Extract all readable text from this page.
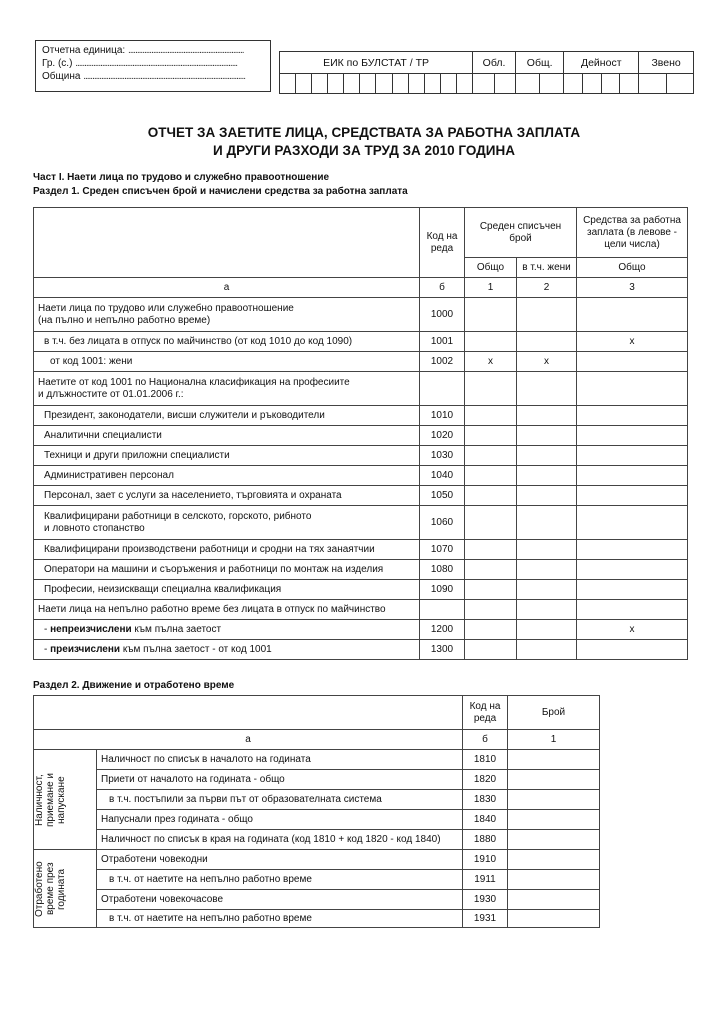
Отчетна единица: .................................................................
Гр. (с.) ...........................................................................................
Община ...........................................................................................
ЕИК по БУЛСТАТ / ТР												Обл.		Общ.		Дейност				Звено	

ОТЧЕТ ЗА ЗАЕТИТЕ ЛИЦА, СРЕДСТВАТА ЗА РАБОТНА ЗАПЛАТА
И ДРУГИ РАЗХОДИ ЗА ТРУД ЗА 2010 ГОДИНА
Част I. Наети лица по трудово и служебно правоотношение
Раздел 1. Среден списъчен брой и начислени средства за работна заплата
	Код на реда	Среден списъчен брой		Средства за работна заплата (в левове - цели числа)
		Общо	в т.ч. жени	Общо
а	б	1	2	3
Наети лица по трудово или служебно правоотношение
(на пълно и непълно работно време)	1000			
в т.ч. без лицата в отпуск по майчинство (от код 1010 до код 1090)	1001			x
от код 1001: жени	1002	x	x	
Наетите от код 1001 по Национална класификация на професиите
и длъжностите от 01.01.2006 г.:				
Президент, законодатели, висши служители и ръководители	1010			
Аналитични специалисти	1020			
Техници и други приложни специалисти	1030			
Административен персонал	1040			
Персонал, зает с услуги за населението, търговията и охраната	1050			
Квалифицирани работници в селското, горското, рибното
и ловното стопанство	1060			
Квалифицирани производствени работници и сродни на тях занаятчии	1070			
Оператори на машини и съоръжения и работници по монтаж на изделия	1080			
Професии, неизискващи специална квалификация	1090			
Наети лица на непълно работно време без лицата в отпуск по майчинство				
- непреизчислени към пълна заетост	1200			x
- преизчислени към пълна заетост - от код 1001	1300			
Раздел 2. Движение и отработено време
			Код на реда	Брой
а			б	1

Наличност,
приемане и
напускане		Наличност по списък в началото на годината	1810	
		Приети от началото на годината - общо	1820	
		в т.ч. постъпили за първи път от образователната система	1830	
		Напуснали през годината - общо	1840	
		Наличност по списък в края на годината (код 1810 + код 1820 - код 1840)	1880	

Отработено
време през
годината		Отработени човекодни	1910	
		в т.ч. от наетите на непълно работно време	1911	
		Отработени човекочасове	1930	
		в т.ч. от наетите на непълно работно време	1931	
